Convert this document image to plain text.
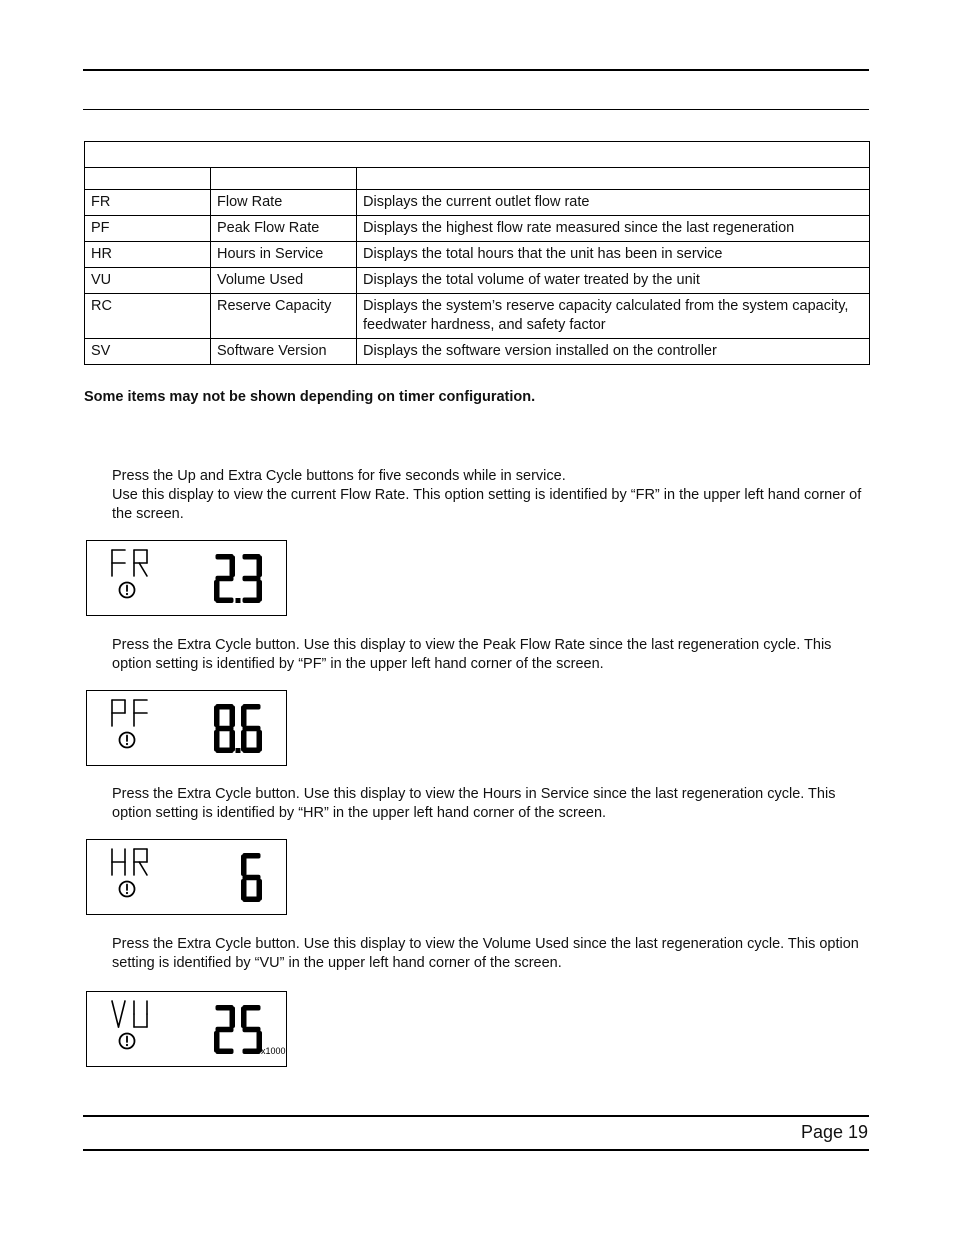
FR	Flow Rate	Displays the current outlet flow rate
PF	Peak Flow Rate	Displays the highest flow rate measured since the last regeneration
HR	Hours in Service	Displays the total hours that the unit has been in service
VU	Volume Used	Displays the total volume of water treated by the unit
RC	Reserve Capacity	Displays the system’s reserve capacity calculated from the system capacity, feedwater hardness, and safety factor
SV	Software Version	Displays the software version installed on the controller
Some items may not be shown depending on timer configuration.

Press the Up and Extra Cycle buttons for five seconds while in service.

Use this display to view the current Flow Rate. This option setting is identified by “FR” in the upper left hand corner of the screen.

Press the Extra Cycle button. Use this display to view the Peak Flow Rate since the last regeneration cycle. This option setting is identified by “PF” in the upper left hand corner of the screen.

Press the Extra Cycle button. Use this display to view the Hours in Service since the last regeneration cycle. This option setting is identified by “HR” in the upper left hand corner of the screen.

Press the Extra Cycle button. Use this display to view the Volume Used since the last regeneration cycle. This option setting is identified by “VU” in the upper left hand corner of the screen.

x1000
Page 19
